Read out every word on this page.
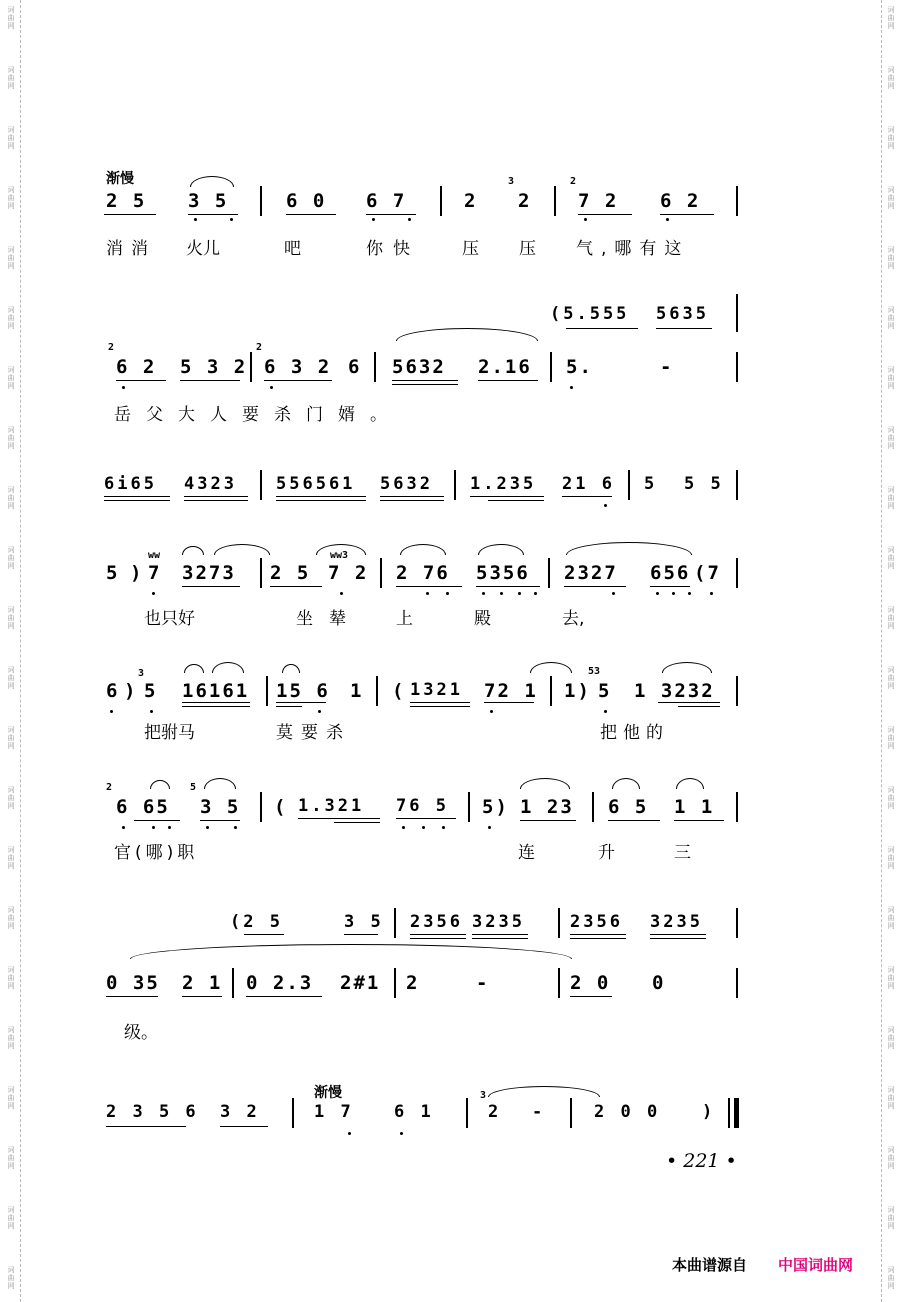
词
曲
网
词
曲
网
词
曲
网
词
曲
网
词
曲
网
词
曲
网
词
曲
网
词
曲
网
词
曲
网
词
曲
网
词
曲
网
词
曲
网
词
曲
网
词
曲
网
词
曲
网
词
曲
网
词
曲
网
词
曲
网
词
曲
网
词
曲
网
词
曲
网
词
曲
网
词
曲
网
词
曲
网
词
曲
网
词
曲
网
词
曲
网
词
曲
网
词
曲
网
词
曲
网
词
曲
网
词
曲
网
词
曲
网
词
曲
网
词
曲
网
词
曲
网
词
曲
网
词
曲
网
词
曲
网
词
曲
网
词
曲
网
词
曲
网
词
曲
网
词
曲
网
渐慢
2 5 3 5	6 0 6 7	2
3
2
2
7 2 6 2
消消 火儿	吧	你快 压压 气,哪有这
(5.555 5635
2
6 2 5 3 2
2
6 3 2 6 5632 2.16 5.	-
岳父大人要杀门婿。
6i65 4323 556561 5632 1.235 21 6 5 5 5
5 )
ww
7 3273 2 5
ww3
7 2 2 76 5356 2327 656 (7
也只好	坐辇 上	殿	去,
6 )
3
5 16161 15 6 1 ( 1321 72 1 1)
53
5 1 3232
把驸马	莫要杀	把他的
2
6 65
5
3 5 ( 1.321 76 5 5) 1 23 6 5 1 1
官(哪)职	连	升	三
(2 5	3 5 2356 3235	2356 3235
0 35 2 1 0 2.3 2#1 2	-	2 0 0
级。
渐慢
2 3 5 6 3 2	1 7 6 1
3
2 -	2 0 0 )
• 221 •
本曲谱源自 中国词曲网
